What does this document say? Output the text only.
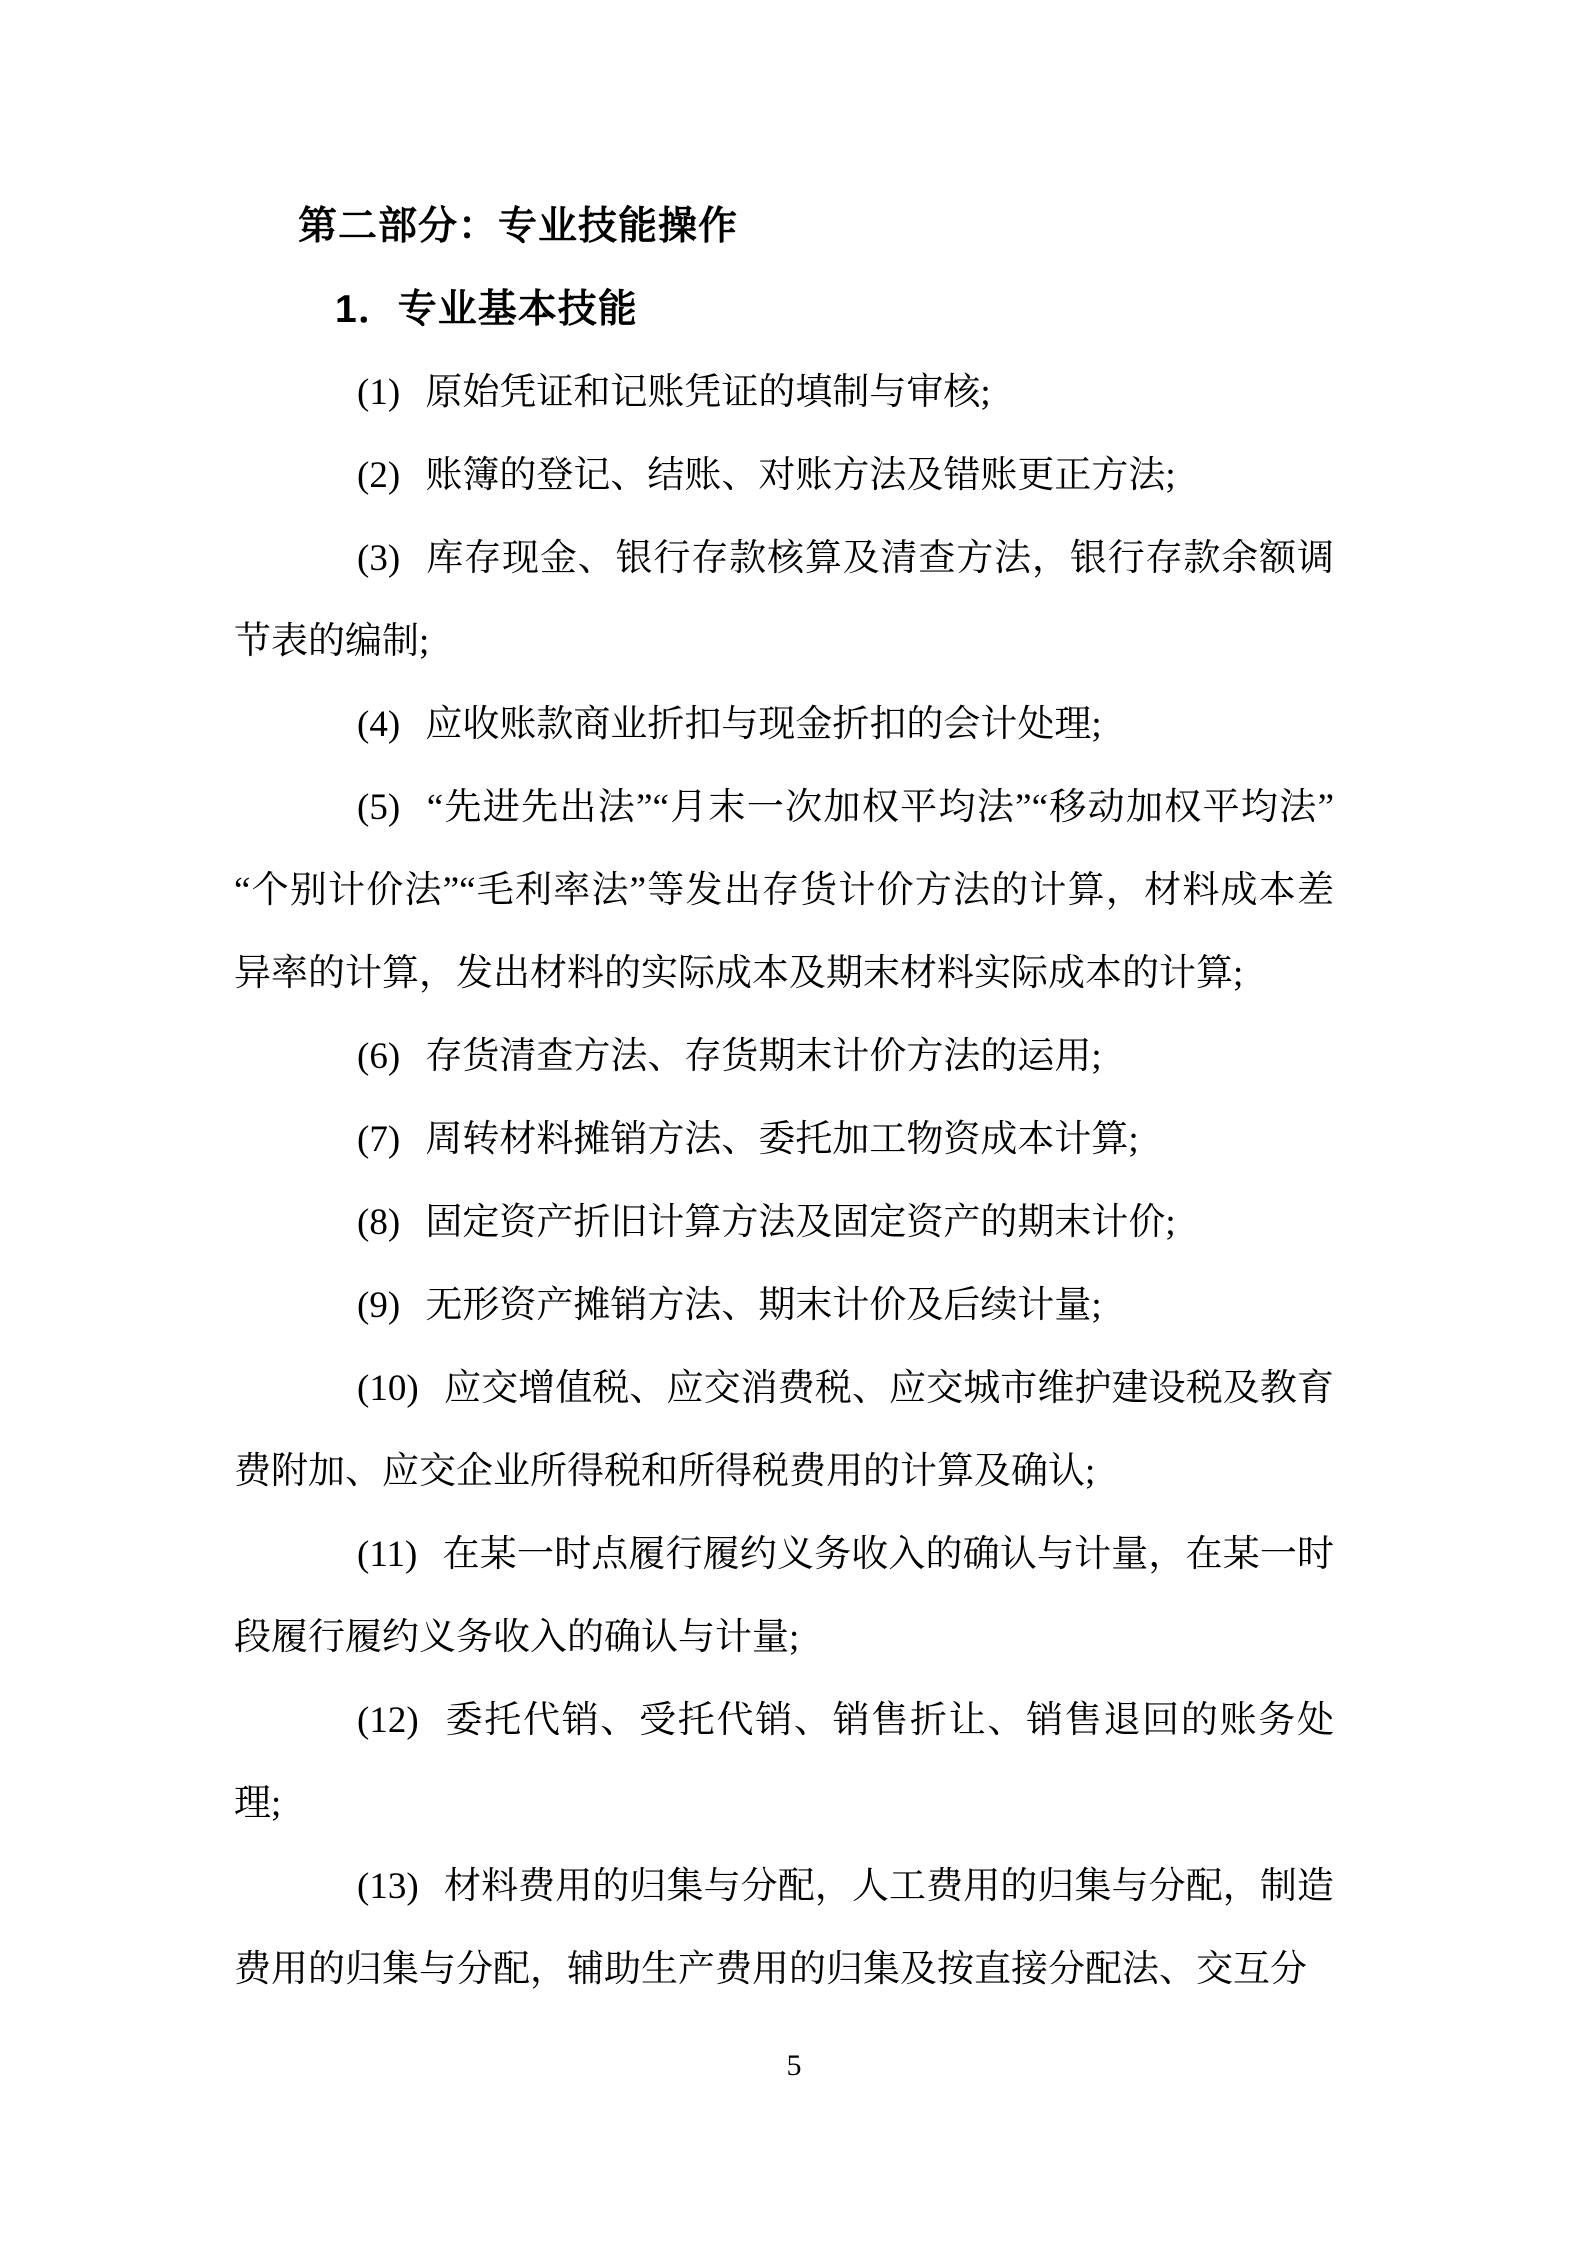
第二部分：专业技能操作

1．专业基本技能

(1) 原始凭证和记账凭证的填制与审核;

(2) 账簿的登记、结账、对账方法及错账更正方法;

(3) 库存现金、银行存款核算及清查方法，银行存款余额调节表的编制;

(4) 应收账款商业折扣与现金折扣的会计处理;

(5) “先进先出法”“月末一次加权平均法”“移动加权平均法”“个别计价法”“毛利率法”等发出存货计价方法的计算，材料成本差异率的计算，发出材料的实际成本及期末材料实际成本的计算;

(6) 存货清查方法、存货期末计价方法的运用;

(7) 周转材料摊销方法、委托加工物资成本计算;

(8) 固定资产折旧计算方法及固定资产的期末计价;

(9) 无形资产摊销方法、期末计价及后续计量;

(10) 应交增值税、应交消费税、应交城市维护建设税及教育费附加、应交企业所得税和所得税费用的计算及确认;

(11) 在某一时点履行履约义务收入的确认与计量，在某一时段履行履约义务收入的确认与计量;

(12) 委托代销、受托代销、销售折让、销售退回的账务处理;

(13) 材料费用的归集与分配，人工费用的归集与分配，制造费用的归集与分配，辅助生产费用的归集及按直接分配法、交互分

5
